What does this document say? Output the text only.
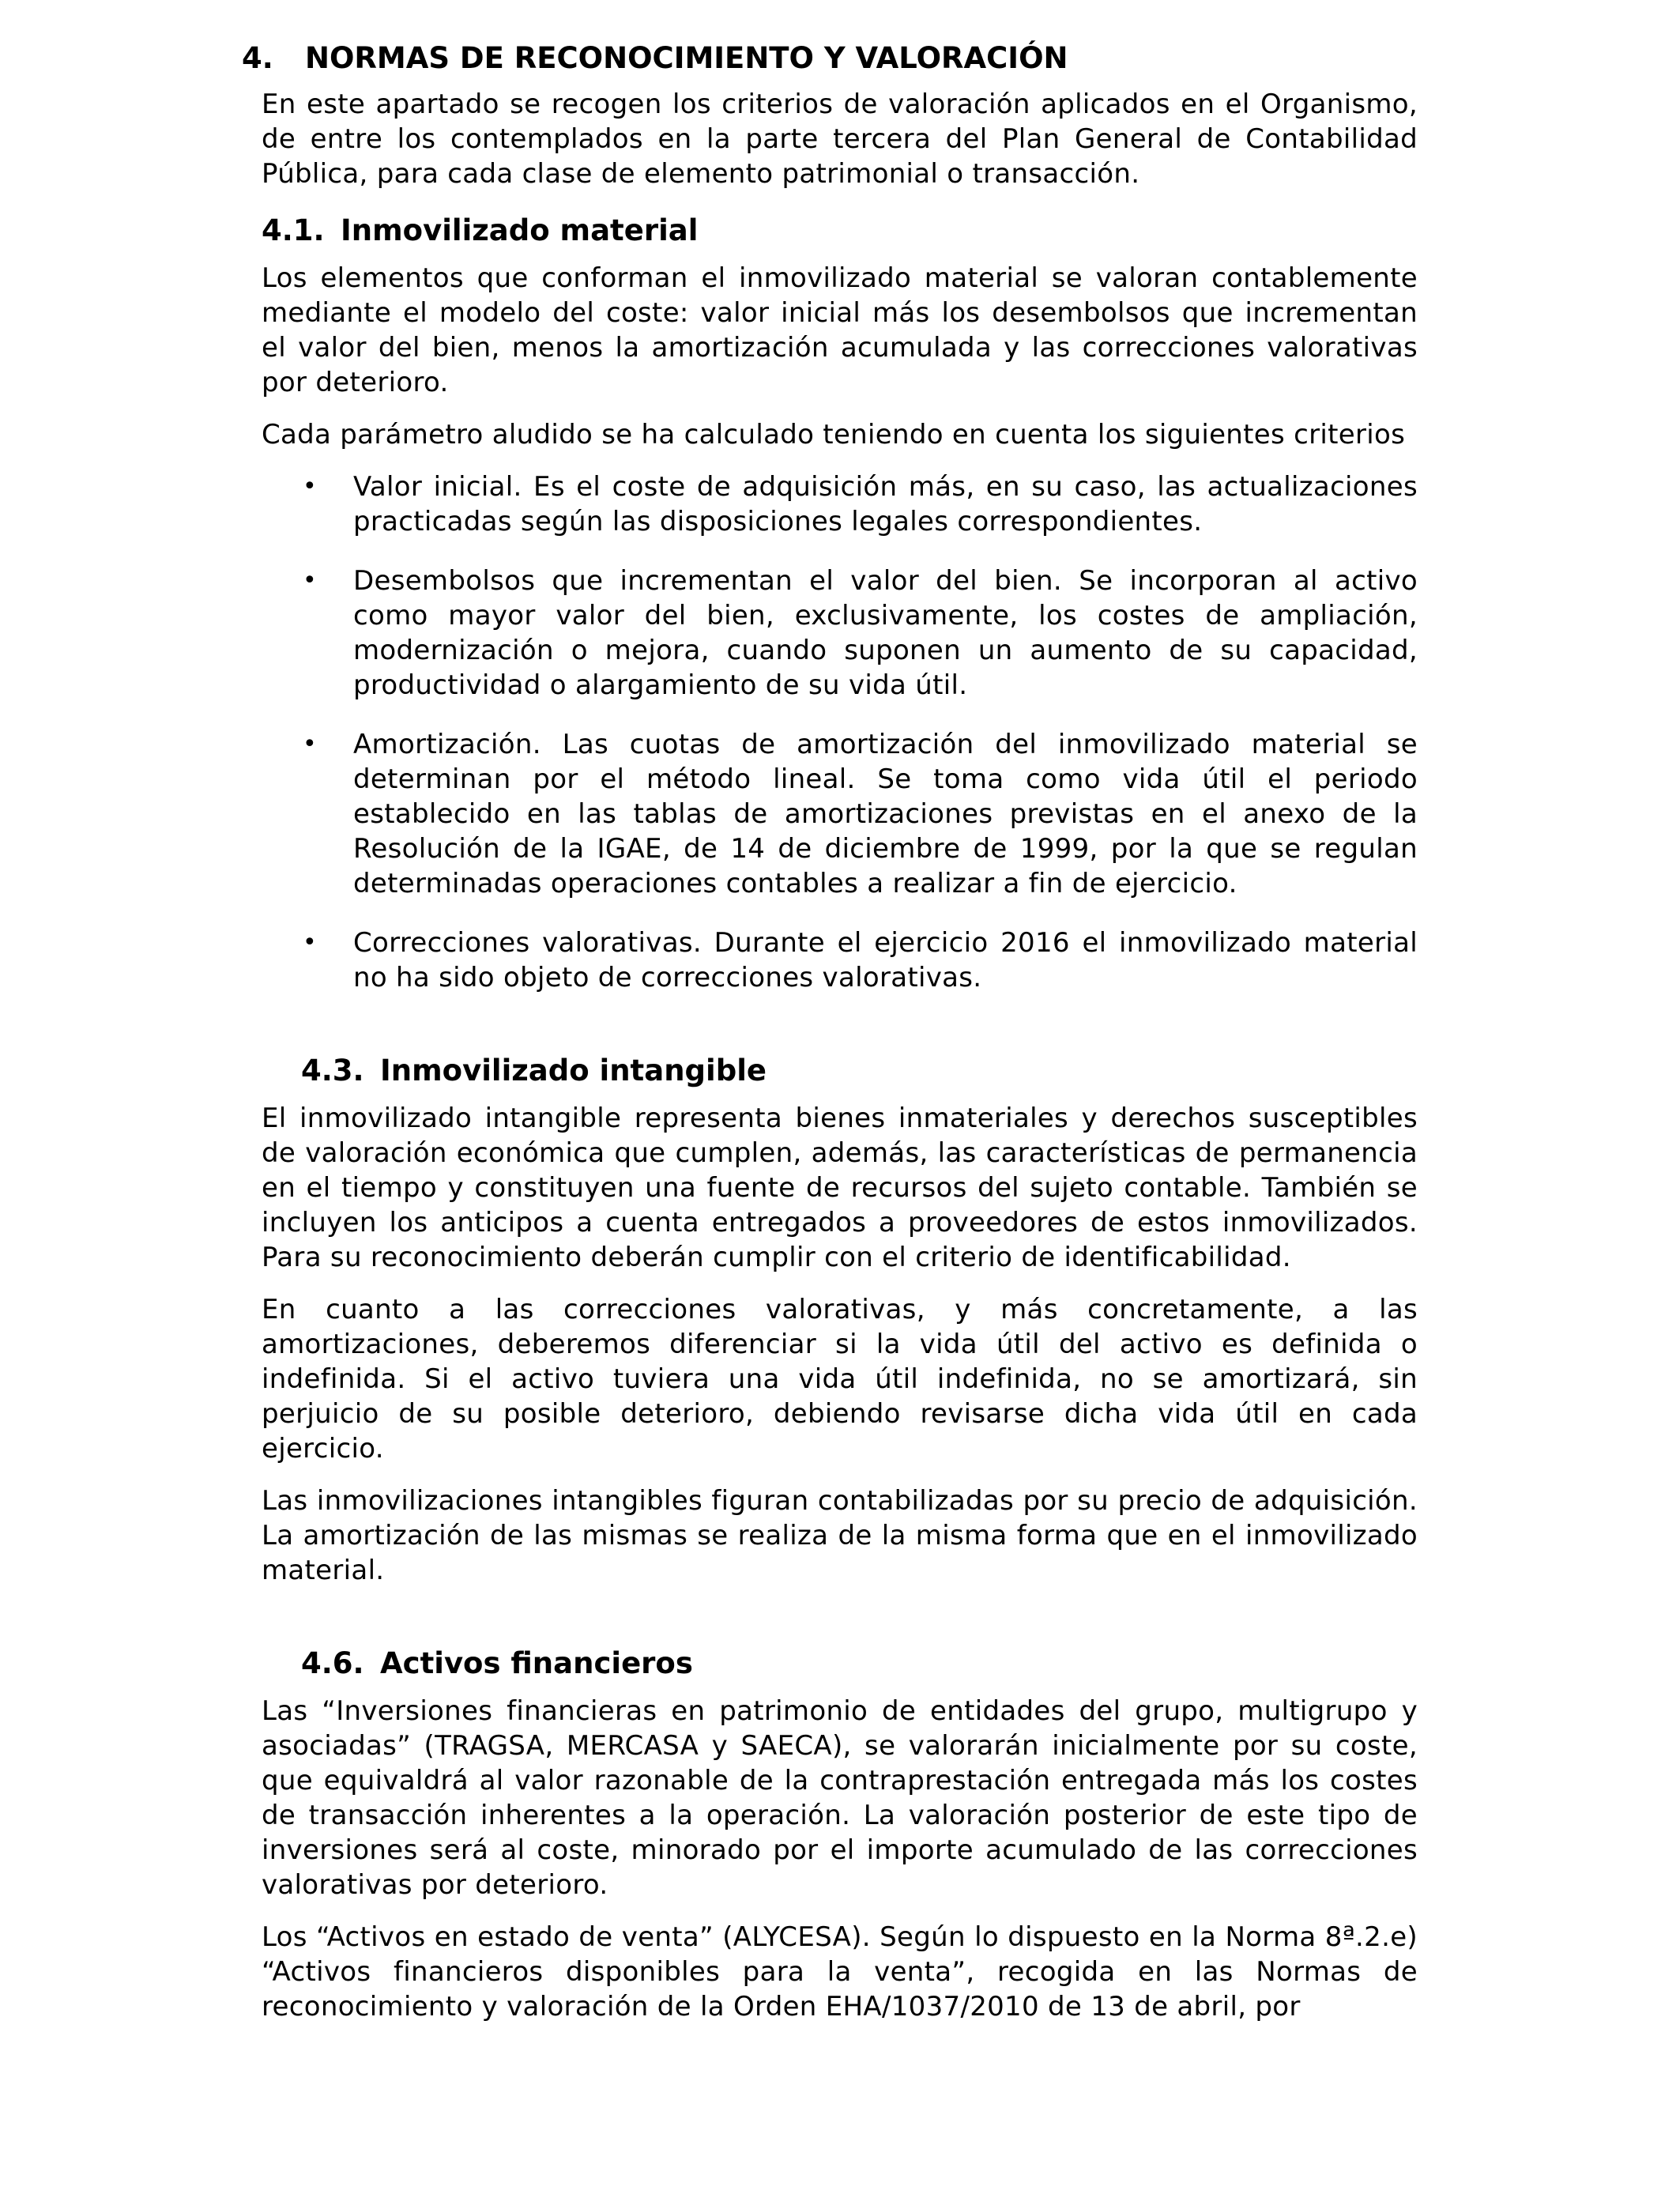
4. NORMAS DE RECONOCIMIENTO Y VALORACIÓN

En este apartado se recogen los criterios de valoración aplicados en el Organismo, de entre los contemplados en la parte tercera del Plan General de Contabilidad Pública, para cada clase de elemento patrimonial o transacción.

4.1. Inmovilizado material

Los elementos que conforman el inmovilizado material se valoran contablemente mediante el modelo del coste: valor inicial más los desembolsos que incrementan el valor del bien, menos la amortización acumulada y las correcciones valorativas por deterioro.

Cada parámetro aludido se ha calculado teniendo en cuenta los siguientes criterios

• Valor inicial. Es el coste de adquisición más, en su caso, las actualizaciones practicadas según las disposiciones legales correspondientes.

• Desembolsos que incrementan el valor del bien. Se incorporan al activo como mayor valor del bien, exclusivamente, los costes de ampliación, modernización o mejora, cuando suponen un aumento de su capacidad, productividad o alargamiento de su vida útil.

• Amortización. Las cuotas de amortización del inmovilizado material se determinan por el método lineal. Se toma como vida útil el periodo establecido en las tablas de amortizaciones previstas en el anexo de la Resolución de la IGAE, de 14 de diciembre de 1999, por la que se regulan determinadas operaciones contables a realizar a fin de ejercicio.

• Correcciones valorativas. Durante el ejercicio 2016 el inmovilizado material no ha sido objeto de correcciones valorativas.

4.3. Inmovilizado intangible

El inmovilizado intangible representa bienes inmateriales y derechos susceptibles de valoración económica que cumplen, además, las características de permanencia en el tiempo y constituyen una fuente de recursos del sujeto contable. También se incluyen los anticipos a cuenta entregados a proveedores de estos inmovilizados. Para su reconocimiento deberán cumplir con el criterio de identificabilidad.

En cuanto a las correcciones valorativas, y más concretamente, a las amortizaciones, deberemos diferenciar si la vida útil del activo es definida o indefinida. Si el activo tuviera una vida útil indefinida, no se amortizará, sin perjuicio de su posible deterioro, debiendo revisarse dicha vida útil en cada ejercicio.

Las inmovilizaciones intangibles figuran contabilizadas por su precio de adquisición. La amortización de las mismas se realiza de la misma forma que en el inmovilizado material.

4.6. Activos financieros

Las “Inversiones financieras en patrimonio de entidades del grupo, multigrupo y asociadas” (TRAGSA, MERCASA y SAECA), se valorarán inicialmente por su coste, que equivaldrá al valor razonable de la contraprestación entregada más los costes de transacción inherentes a la operación. La valoración posterior de este tipo de inversiones será al coste, minorado por el importe acumulado de las correcciones valorativas por deterioro.

Los “Activos en estado de venta” (ALYCESA). Según lo dispuesto en la Norma 8ª.2.e) “Activos financieros disponibles para la venta”, recogida en las Normas de reconocimiento y valoración de la Orden EHA/1037/2010 de 13 de abril, por
